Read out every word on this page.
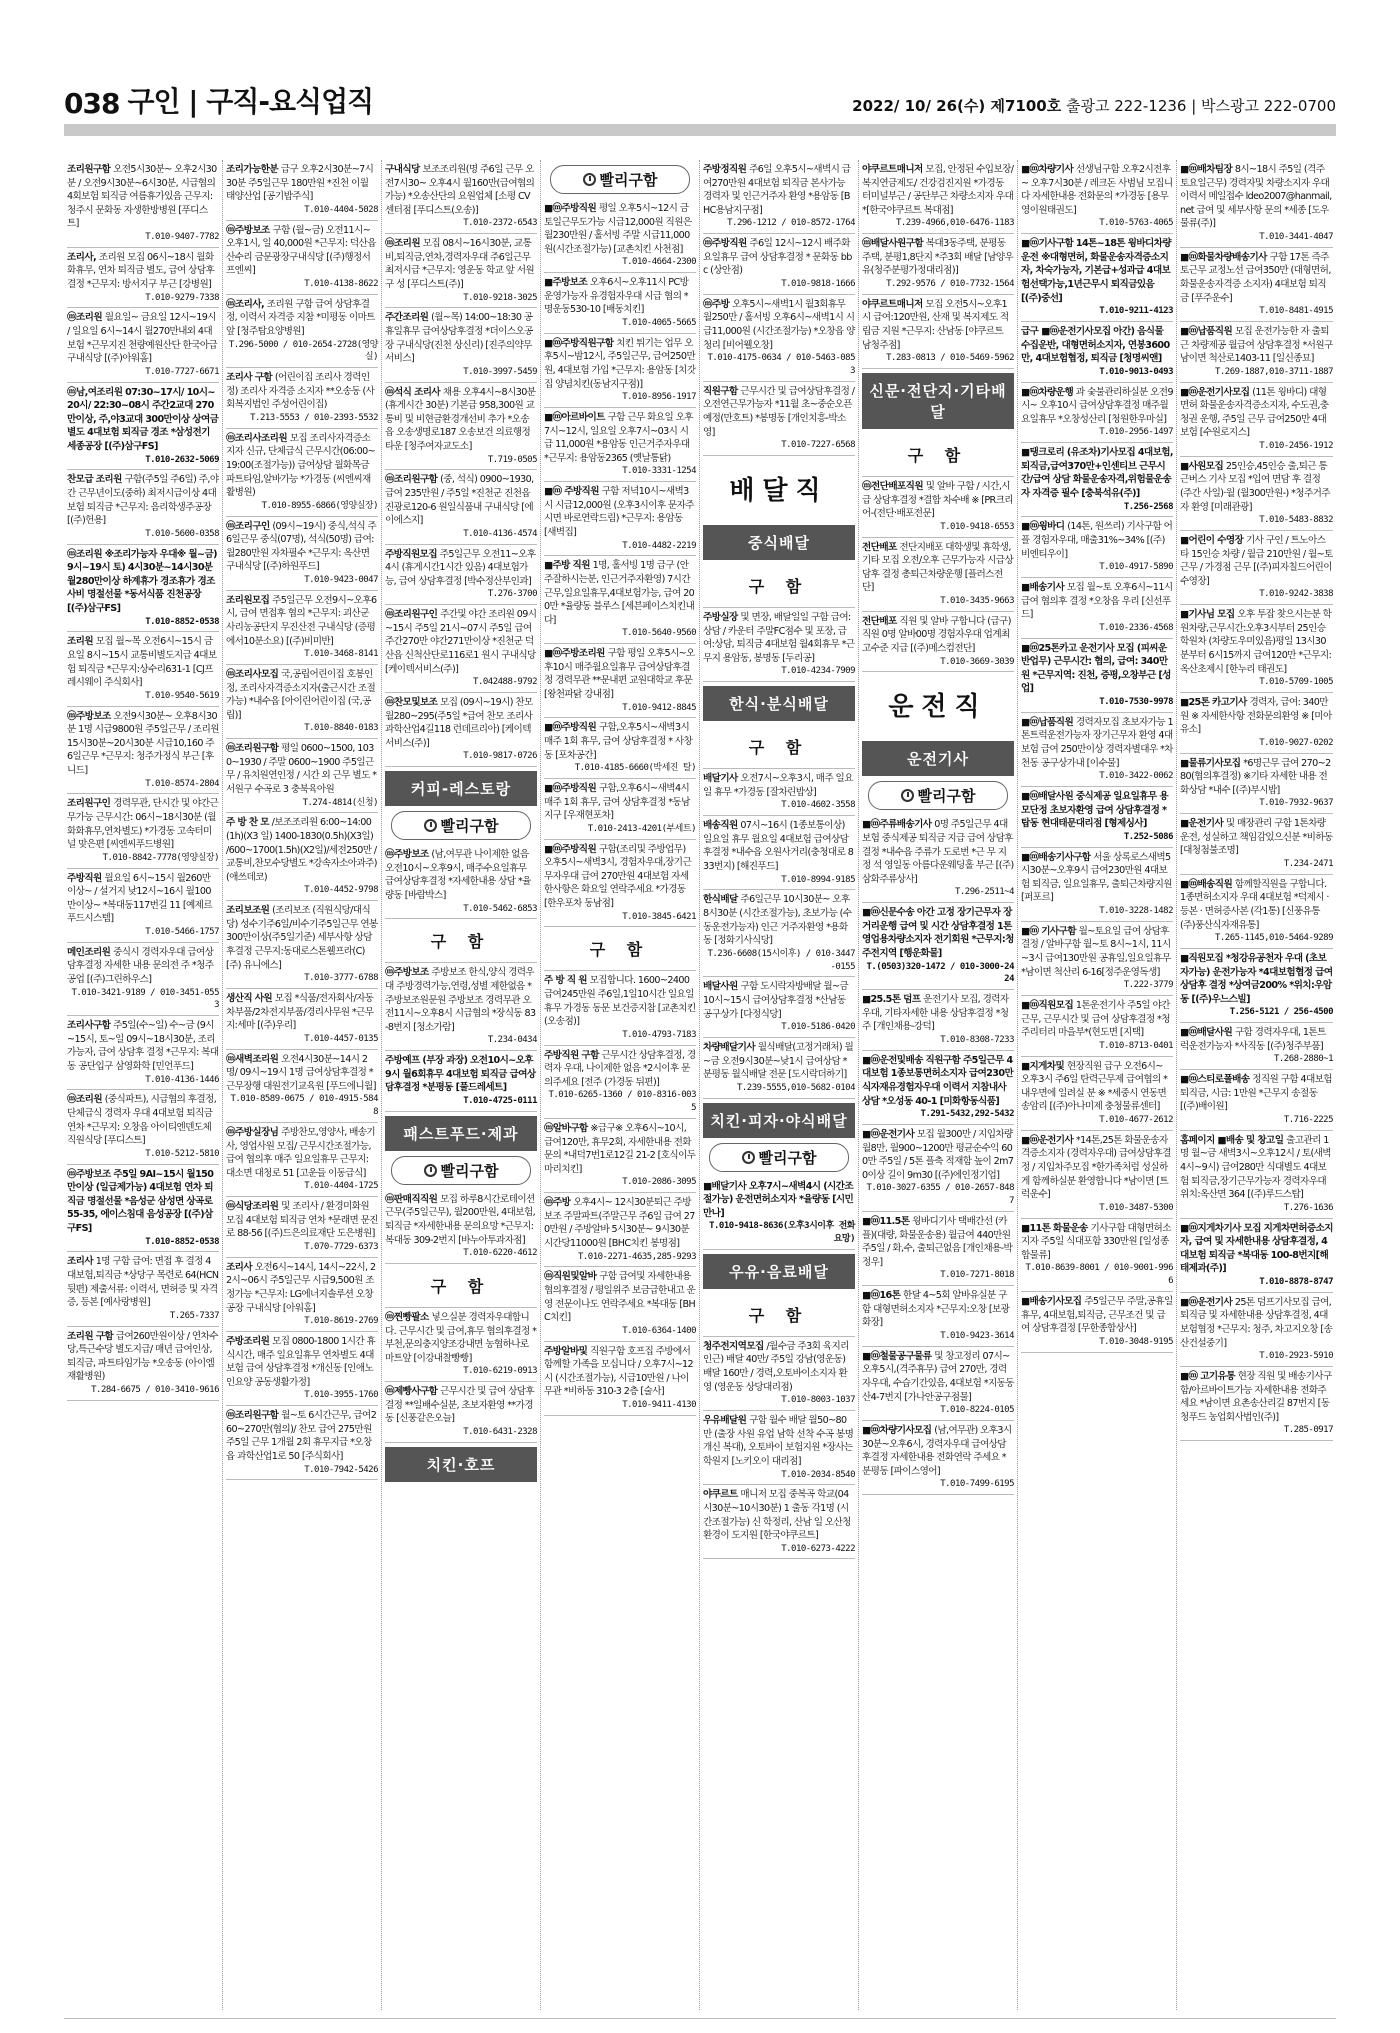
038 구인 | 구직-요식업직	2022/ 10/ 26(수) 제7100호 출광고 222-1236 | 박스광고 222-0700
조리원구함 오전5시30분~ 오후2시30분 / 오전9시30분~6시30분, 시급협의 4회보험 퇴직금 여름휴가있음 근무지: 청주시 문화동 자생한방병원 [푸디스트]
T.010-9407-7782
조리사, 조리원 모집 06시~18시 월화화휴무, 연차 퇴직금 별도, 급여 상담후 결정 *근무지: 방서지구 부근 [강병원]
T.010-9279-7338
ⓜ조리원 월요일~ 금요일 12시~19시 / 일요일 6시~14시 월270만내외 4대보험 *근무지진 천량예원산단 한국아급 구내식당 [(주)아워홈]
T.010-7727-6671
ⓜ남,여조리원 07:30~17시/ 10시~20시/ 22:30~08시 주간2교대 270만이상, 주,야3교대 300만이상 상여금별도 4대보험 퇴직금 경조 *삼성전기 세종공장 [(주)삼구FS]
T.010-2632-5069
찬모급 조리원 구함(주5일 주6일) 주,야간 근무년이도(중하) 최저시급이상 4대보험 퇴직금 *근무지: 음리학생주공장 [(주)헌용]
T.010-5600-0358
ⓜ조리원 ※조리가능자 우대※ 월~금) 9시~19시 토) 4시30분~14시30분 월280만이상 하계휴가 경조휴가 경조사비 명절선물 *동서식품 진천공장 [(주)삼구FS]
T.010-8852-0538
조리원 모집 월~목 오전6시~15시 금요일 8시~15시 교통비별도지급 4대보험 퇴직금 *근무지:상수리631-1 [CJ프레시웨이 주식회사]
T.010-9540-5619
ⓜ주방보조 오전9시30분~ 오후8시30분 1명 시급9800원 주5일근무 / 조리원15시30분~20시30분 시급10,160 주6일근무 *근무지: 청주가정식 부근 [후니드]
T.010-8574-2804
조리원구인 경력무관, 단시간 및 야간근무가능 근무시간: 06시~18시30분 (월화화휴무,연차별도) *가경동 고속터미널 맞은편 [씨엔씨푸드병원]
T.010-8842-7778(영양실장)
주방직원 월요일 6시~15시 월260만이상~ / 설거지 낮12시~16시 월100만이상~ *복대동117번길 11 [예제르 푸드시스템]
T.010-5466-1757
메인조리원 중식시 경력자우대 급여상담후결정 자세한 내용 문의전 주 *청주공업 [(주)그린하우스]
T.010-3421-9189 / 010-3451-0553
조리사구함 주5일(수~일) 수~금 (9시~15시, 토~일 09시~18시30분, 조리가능자, 급여 상담후 결정 *근무지: 복대동 공단입구 삼영화학 [민언푸드]
T.010-4136-1446
ⓜ조리원 (중식파트), 시급협의 후결정, 단체급식 경력자 우대 4대보험 퇴직금 연차 *근무지: 오창읍 아이티엔덴도체 직원식당 [푸디스트]
T.010-5212-5810
ⓜ주방보조 주5일 9AI~15시 월150만이상 (일급제가능) 4대보험 연차 퇴직금 명절선물 *음성군 삼성면 상곡로 55-35, 에이스침대 음성공장 [(주)삼구FS]
T.010-8852-0538
조리사 1명 구함 급여: 면접 후 결정 4대보험,퇴직금 *상당구 목련로 64(HCN 뒷편) 제출서류: 이력서, 면허증 및 자격증, 등본 [예사랑병원]
T.265-7337
조리원 구함 급여260만원이상 / 연차수당,특근수당 별도지급/ 매년 급여인상, 퇴직금, 파트타임가능 *오송동 (아이엠재활병원)
T.284-6675 / 010-3410-9616
조리가능한분 급구 오후2시30분~7시30분 주5일근무 180만원 *진천 이월 태양산업 [공기밥주식]
T.010-4404-5028
ⓜ주방보조 구함 (월~금) 오전11시~오후1시, 일 40,000원 *근무지: 덕산읍 산수리 금문광장구내식당 [(주)행정서프엔씨]
T.010-4138-8622
ⓜ조리사, 조리원 구함 급여 상담후결정, 이력서 자격증 지참 *미평동 이마트 앞 [청주탑요양병원]
T.296-5000 / 010-2654-2728(영양실)
조리사 구함 (어린이집 조리사 경력인정) 조리사 자격증 소지자 **오송동 (사회복지법인 주성어린이집)
T.213-5553 / 010-2393-5532
ⓜ조리사조리원 모집 조리사자격증소지자 신규, 단체급식 근무시간(06:00~19:00(조절가능)) 급여상담 월화목금 파트타임,알바가능 *가경동 (씨엔씨재활병원)
T.010-8955-6866(영양실장)
ⓜ조리구인 (09시~19시) 중식,석식 주6일근무 중식(07명), 석식(50명) 급여: 월280만원 자차필수 *근무지: 옥산면 구내식당 [(주)하원푸드]
T.010-9423-0047
조리원모집 주5일근무 오전9시~오후6시, 급여 면접후 협의 *근무지: 괴산군 사리농공단지 무진산전 구내식당 (증평에서10분소요) [(주)비미반]
T.010-3468-8141
ⓜ조리사모집 국,공립어린이집 호봉인정, 조리사자격증소지자(출근시간 조절가능) *내수읍 [아이린어린이집 (국,공립)]
T.010-8840-0183
ⓜ조리원구함 평일 0600~1500, 1030~1930 / 주말 0600~1900 주5일근무 / 유치원연인정 / 시간 외 근무 별도 *서원구 수곡로 3 충북육아원
T.274-4814(신청)
주 방 찬 모 /보조조리원 6:00~14:00(1h)(X3 일) 1400-1830(0.5h)(X3일) /600~1700(1.5h)(X2일)/세전250만 /교통비,찬모수당별도 *강속자소아과주)(애쓰데코)
T.010-4452-9798
조리보조원 (조리보조 (직원식당/대식당) 성수기주6일/비수기주5일근무 연봉300만이상(주5일기준) 세부사항 상담후결정 근무지:동대로스톤웰프라(C) [주) 유니에스]
T.010-3777-6788
생산직 사원 모집 *식품/전자회사/자동차부품/2차전지부품/경리사무원 *근무지:세마 [(주)우리]
T.010-4457-0135
ⓜ새벽조리원 오전4시30분~14시 2명/ 09시~19시 1명 급여상담후결정 *근무장행 대원전기교육원 [푸드에니월]
T.010-8589-0675 / 010-4915-5848
ⓜ주방실장님 주방찬모,영양사, 배송기사, 영업사원 모집/ 근무시간조절가능, 급여 협의후 매주 일요일휴무 근무지: 대소면 대청로 51 [고운들 이동급식]
T.010-4404-1725
ⓜ식당조리원 및 조리사 / 환경미화원 모집 4대보험 퇴직금 연차 *문래면 문진로 88-56 [(주)드은의료재단 도은병원]
T.070-7729-6373
조리사 오전6시~14시, 14시~22시, 22시~06시 주5일근무 시급9,500원 조정가능 *근무지: LG에너지솔루션 오창공장 구내식당 [아워홈]
T.010-8619-2769
주방조리원 모집 0800-1800 1시간 휴식시간, 매주 일요일휴무 연차별도 4대보험 급여 상담후결정 *개신동 [인애노인요양 공동생활가정]
T.010-3955-1760
ⓜ조리원구함 월~토 6시간근무, 급여260~270만(협의)/ 찬모 급여 275만원 주5일 근무 1개월 2회 휴무지급 *오창읍 과학산업1로 50 [주식회사]
T.010-7942-5426
구내식당 보조조리원(명 주6일 근무 오전7시30~ 오후4시 월160만(급여협의가능) *오송산단의 요원업체 [소평 CV센터점 [푸디스트(오송)]
T.010-2372-6543
ⓜ조리원 모집 08시~16시30분, 교통비,퇴직금,연차,경력자우대 주6일근무 최저시급 *근무지: 영운동 학교 앞 서원구 성 [푸디스트(주)]
T.010-9218-3025
주간조리원 (월~목) 14:00~18:30 공휴일휴무 급여상담후결정 *더이스오공장 구내식당(진천 상신리) [진주의약무서비스]
T.010-3997-5459
ⓜ석식 조리사 채용 오후4시~8시30분(휴게시간 30분) 기본급 958,300원 교통비 및 비현금환경개선비 추가 *오송읍 오송생명로187 오송보건 의료행정타운 [청주여자교도소]
T.719-0505
ⓜ조리원구함 (중, 석식) 0900~1930, 급여 235만원 / 주5일 *진천군 진천읍 진광로120-6 원일식품내 구내식당 [에이에스지]
T.010-4136-4574
주방직원모집 주5일근무 오전11~오후4시 (휴게시간1시간 있음) 4대보험가능, 급여 상담후결정 [박수정산부인과]
T.276-3700
ⓜ조리원구인 주간및 야간 조리원 09시~15시 주5일 21시~07시 주5일 급여 주간270만 야간271만이상 *진천군 덕산읍 신척산단로116로1 원시 구내식당 [케이텍서비스(주)]
T.042488-9792
ⓜ찬모및보조 모집 (09시~19시) 찬모 월280~295(주5일 *급여 찬모 조리사 과학산업4길118 런데르리아) [케이텍서비스(주)]
T.010-9817-0726
커피-레스토랑
빨리구함
ⓜ주방보조 (남,여무관 나이제한 없음 오전10시~오후9시, 매주수요일휴무 급여상담후결정 *자세한내용 상담 *율량동 [바람박스]
T.010-5462-6853
구 함
ⓜ주방보조 주방보조 한식,양식 경력우대 주방경력가능,연령,성별 제한없음 *주방보조원문원 주방보조 경력무관 오전11시~오후8시 시급협의 *장식동 83-8번지 [청소가람]
T.234-0434
주방예프 (부장 과장) 오전10시~오후9시 월6회휴무 4대보험 퇴직금 급여상담후결정 *분평동 [풀드레세트]
T.010-4725-0111
패스트푸드·제과
빨리구함
ⓜ판매직직원 모집 하루8시간로테이션근무(주5일근무), 월200만원, 4대보험, 퇴직금 *자세한내용 문의요망 *근무지: 복대동 309-2번지 [바누아투과자점]
T.010-6220-4612
구 함
ⓜ찐빵팔소 넣으실분 경력자우대합니다. 근무시간 및 급여,휴무 협의후결정 *부천,문의충지양조강내면 농협하나로마트앞 [이강내찰빵빵]
T.010-6219-0913
ⓜ제빵사구함 근무시간 및 급여 상담후 결정 **일배수실분, 초보자환영 **가경동 [신풍같은오늘]
T.010-6431-2328
치킨·호프
빨리구함
■ⓜ주방직원 평일 오후5시~12시 금토일근무도가능 시급12,000원 직원은 월230만원 / 홀서빙 주말 시급11,000원(시간조절가능) [교촌치킨 사천점]
T.010-4664-2300
■주방보조 오후6시~오후11시 PC방운영가능자 유경험자우대 시급 협의 *명운동530-10 [배동치킨]
T.010-4065-5665
■ⓜ주방직원구함 치킨 튀기는 업무 오후5시~밤12시, 주5일근무, 급여250만원, 4대보험 가입 *근무지: 용암동 [치갓집 양념치킨(동남지구점)]
T.010-8956-1917
■ⓜ아르바이트 구함 근무 화요일 오후7시~12시, 일요일 오후7시~03시 시급 11,000원 *용암동 인근거주자우대 *근무지: 용암동2365 (옛날통닭)
T.010-3331-1254
■ⓜ 주방직원 구함 저녁10시~새벽3시 시급12,000원 (오후3시이후 문자주시면 바로연락드림) *근무지: 용암동 [새벽집]
T.010-4482-2219
■주방 직원 1명, 홀서빙 1명 급구 (안주잘하시는분, 인근거주자환영) 7시간 근무,일요일휴무,4대보험가능, 급여 200만 *율량동 블루스 [세븐페이스치킨내다]
T.010-5640-9560
■ⓜ주방조리원 구함 평일 오후5시~오후10시 매주월요일휴무 급여상담후결정 경력무관 **문내편 교원대학교 후문 [왕천파닭 강내점]
T.010-9412-8845
■ⓜ주방직원 구함,오후5시~새벽3시 매주 1회 휴무, 급여 상담후결정 * 사창동 [포차공간]
T.010-4185-6660(박세진 탈)
■ⓜ주방직원 구함,오후6시~새벽4시 매주 1회 휴무, 급여 상담후결정 *동남지구 [우재현포차]
T.010-2413-4201(부세트)
■ⓜ주방직원 구함(조리및 주방업무) 오후5시~새벽3시, 경험자우대,장기근무자우대 급여 270만원 4대보험 자세한사항은 화요일 연락주세요 *가경동 [한우포차 동남점]
T.010-3845-6421
구 함
주 방 직 원 모집합니다. 1600~2400 급여245만원 주6일,1일10시간 일요일휴무 가경동 동문 보건증지참 [교촌치킨(오송점)]
T.010-4793-7183
주방직원 구함 근무시간 상담후결정, 경력자 우대, 나이제한 없음 *2시이후 문의주세요 [전주 (가경동 뒤편)]
T.010-6265-1360 / 010-8316-0035
ⓜ알바구함 ※급구※ 오후6시~10시, 급여120만, 휴무2회, 자세한내용 전화문의 *내덕7번1로12길 21-2 [호식이두마리치킨]
T.010-2086-3095
ⓜ주방 오후4시~ 12시30분퇴근 주방보조 주말파트(주말근무 주6일 급여 270만원 / 주방알바 5시30분~ 9시30분 시간당11000원 [BHC치킨 봉명점]
T.010-2271-4635,285-9293
ⓜ직원및알바 구함 급여및 자세한내용 협의후결정 / 평일위주 보금급한내고 운영 전문이나도 연락주세요 *복대동 [BHC치킨]
T.010-6364-1400
주방알바및 직원구함 호프집 주방에서 함께할 가족을 모십니다 / 오후7시~12시 (시간조절가능), 시급10만원 / 나이무관 *비하동 310-3 2층 [술사]
T.010-9411-4130
주방정직원 주6일 오후5시~새벽시 급여270만원 4대보험 퇴직금 본사가능 경력자 및 인근거주자 환영 *용암동 [BHC용남지구점]
T.296-1212 / 010-8572-1764
ⓜ주방직원 주6일 12시~12시 배주화요일휴무 급여 상담후결정 * 문화동 bbc (상안점)
T.010-9818-1666
ⓜ주방 오후5시~새벽1시 월3회휴무 월250만 / 홀서빙 오후6시~새벽1시 시급11,000원 (시간조절가능) *오창읍 양청리 [비어웰오창]
T.010-4175-0634 / 010-5463-0853
직원구함 근무시간 및 급여상담후결정 /오전연근무가능자 *11월 초~중순오픈예정(만호트) *봉명동 [개인치흥-박소영]
T.010-7227-6568
배달직
중식배달
구 함
주방실장 및 면장, 배달일일 구함 급여:상담 / 카운터 주말FC점수 및 포장, 급여:상담, 퇴직금 4대보험 월4회휴무 *근무지 용암동, 봉명동 [두리공]
T.010-4234-7909
한식·분식배달
구 함
배달기사 오전7시~오후3시, 매주 일요일 휴무 *가경동 [잘차린밥상]
T.010-4602-3558
배송직원 07시~16시 (1종보통이상) 일요일 휴무 월요일 4대보험 급여상담후결정 *내수읍 오원사거리(충청대로 833번지) [해진푸드]
T.010-8994-9185
한식배달 주6일근무 10시30분~ 오후8시30분 (시간조절가능), 초보가능 (수동운전가능자) 인근 거주자환영 *용화동 [정화기사식당]
T.236-6608(15시이후) / 010-3447-0155
배달사원 구함 도시락자방배달 월~금 10시~15시 급여상담후결정 *산남동 공구상가 [다정식당]
T.010-5186-0420
차량배달기사 월식배달(고정거래처) 월~금 오전9시30분~낮1시 급여상담 *분평동 월식배달 전문 [도시락더하기]
T.239-5555,010-5682-0104
치킨·피자·야식배달
빨리구함
■배달기사 오후7시~새벽4시 (시간조절가능) 운전면허소지자 *율량동 [시민만나]
T.010-9418-8636(오후3시이후 전화요망)
우유·음료배달
구 함
청주전지역모집 /월수금 주3회 육지리인근) 배달 40만/ 주5일 강남(영운동) 배달 160만 / 경력,오토바이소지자 환영 (영운동 상당대리점)
T.010-8003-1037
우유배달원 구함 월수 배달 월50~80만 (출장 사원 유업 남학 선착 수곡 봉명 개신 복대), 오토바이 보험지원 *장사는 학원지 [노키오이 대리점]
T.010-2034-8540
야쿠르트 매니저 모집 중복곡 학교(04시30분~10시30분) 1 출동 각1명 (시간조절가능) 신 학정리, 산남 일 오산청 환경이 도지원 [한국야쿠르트]
T.010-6273-4222
야쿠르트매니저 모집, 안정된 수입보장/ 복지연금제도/ 건강검진지원 *가경동 터미널부근 / 공단부근 차량소지자 우대*[한국야쿠르트 복대점]
T.239-4966,010-6476-1183
ⓜ배달사원구함 복대3동주택, 분평동주택, 분평1,8단지 *주3회 배달 [남양우유(청주분평가정대리점)]
T.292-9576 / 010-7732-1564
야쿠르트매니저 모집 오전5시~오후1시 급여:120만원, 산재 및 복지제도 적립금 지원 *근무지: 산남동 [야쿠르트 남청주점]
T.283-0813 / 010-5469-5962
신문·전단지·기타배달
구 함
ⓜ전단배포직원 및 알바 구함 / 시간,시급 상담후결정 *결합 차수배 ※ [PR크리어-(전단·배포전문]
T.010-9418-6553
전단배포 전단지배포 대학생및 휴학생, 기타 모집 오전/오후 근무가능자 시급상담후 결정 총퇴근차량운행 [플러스전단]
T.010-3435-9663
전단배포 직원 및 알바 구합니다 (급구) 직원 0명 알바00명 경험자우대 업계최고수준 지급 [(주)메스컴전단]
T.010-3669-3039
운전직
운전기사
빨리구함
■ⓜ주류배송기사 0명 주5일근무 4대보험 중식제공 퇴직금 지급 급여 상담후결정 *내수읍 주류가 도로번 *근 무 지정 석 영일동 아름다운웨딩홀 부근 [(주)삼화주류상사]
T.296-2511~4
■ⓜ신문수송 아간 고정 장기근무자 장거리운행 급여 및 시간 상담후결정 1톤 영업용차량소지자 전기회원 *근무지:청주전지역 [행운화물]
T.(0503)320-1472 / 010-3000-2424
■25.5톤 덤프 운전기사 모집, 경력자우대, 기타자세한 내용 상담후결정 *청주 [개인채용-강덕]
T.010-8308-7233
■ⓜ운전및배송 직원구함 주5일근무 4대보험 1종보통면허소지자 급여230만 식자재유경험자우대 이력서 지참내사 상담 *오성동 40-1 [미화항동식품]
T.291-5432,292-5432
■ⓜ운전기사 모집 월300만 / 지입차량 월8만, 월900~1200만 평균순수익 600만 주5일 / 5톤 플축 적재함 높이 2m70이상 길이 9m30 [(주)에인정기업]
T.010-3027-6355 / 010-2657-8487
■ⓜ11.5톤 윙바디기사 택배간선 (카플)(대량, 화물운송용) 월급여 440만원 주5일 / 화,수, 출퇴근없음 [개인채용-박정우]
T.010-7271-8018
■ⓜ16톤 한달 4~5회 알바유실분 구함 대형면허소지자 *근무지:오창 [보광화장]
T.010-9423-3614
■ⓜ철물공구물류 및 창고정리 07시~오후5시,(격주휴무) 급여 270만, 경력자우대, 수습기간있음, 4대보험 *지동동 산4-7번지 [가나안공구점물]
T.010-8224-0105
■ⓜ차량기사모집 (남,여무관) 오후3시30분~오후6시, 경력자우대 급여상담후결정 자세한내용 전화연락 주세요 *분평동 [파이스영어]
T.010-7499-6195
■ⓜ차량기사 선생님구함 오후2시전후~ 오후7시30분 / 레크돈 사범님 모집니다 자세한내용 전화문의 *가경동 [용무영이원태권도]
T.010-5763-4065
■ⓜ기사구함 14톤~18톤 윙바디차량운전 ※대형면허, 화물운송자격증소지자, 차숙가능자, 기본급+성과급 4대보험선택가능,1년근무시 퇴직금있음 [(주)중선]
T.010-9211-4123
급구 ■ⓜ운전기사모집 아간) 음식물 수집운반, 대형면허소지자, 연봉3600만, 4대보험협정, 퇴직금 [청명씨앤]
T.010-9013-0493
■ⓜ차량운행 과 숯불관리하실분 오전9시~ 오후10시 급여상담후결정 매주월요일휴무 *오창성산리 [청원한우마실]
T.010-2956-1497
■탱크로리 (유조차)기사모집 4대보험,퇴직금,급여370만+인센티브 근무시간/급여 상담 화물운송자격,위험물운송자 자격증 필수 [충북석유(주)]
T.256-2568
■ⓜ윙바디 (14톤, 원쓰리) 기사구함 어플 경험자우대, 매출31%~34% [(주)비엔티우이]
T.010-4917-5890
■배송기사 모집 월~토 오후6시~11시 급여 협의후 결정 *오창읍 우리 [신선푸드]
T.010-2336-4568
■ⓜ25톤카고 운전기사 모집 (피씨운반업무) 근무시간: 협의, 급여: 340만원 *근무지역: 진천, 증평,오창부근 [성업]
T.010-7530-9978
■ⓜ납품직원 경력자모집 초보자가능 1톤트럭운전가능자 장기근무자 환영 4대보험 급여 250만이상 경력자별대우 *차천동 공구상가내 [이수물]
T.010-3422-0062
■ⓜ배달사원 중식제공 일요일휴무 용모단정 초보자환영 급여 상담후결정 *탑동 현대태문대리점 [형제싱사]
T.252-5086
■ⓜ배송기사구함 서울 상록로스새벽5시30분~오후9시 급여230만원 4대보험 퇴직금, 일요일휴무, 출퇴근차량지원 [퍼포르]
T.010-3228-1482
■ⓜ 기사구함 월~토요일 급여 상담후 결정 / 알바구함 월~토 8시~1시, 11시~3시 급여130만원 공휴일,일요일휴무 *남이면 척산리 6-16[정주운영독생]
T.222-3779
■ⓜ직원모집 1톤운전기사 주5일 야간근무, 근무시간 및 급여 상담후결정 *청주리터리 마을부*(현도면 [지택]
T.010-8713-0401
■지게차및 현장직원 급구 오전6시~ 오후3시 주6일 탄력근무제 급여협의 *내우면에 일려실 분 ※ *세중시 연동면 송암리 [(주)아나미제 충청물류센터]
T.010-4677-2612
■ⓜ운전기사 *14톤,25톤 화물운송자격증소지자 (경력자우대) 급여상담후결정 / 지입차주모집 *한가족처럼 성실하게 함께하실분 환영합니다 *남이면 [트럭운수]
T.010-3487-5300
■11톤 화물운송 기사구함 대형면허소지자 주5일 식대포함 330만원 [일성종합물류]
T.010-8639-8001 / 010-9001-9966
■배송기사모집 주5일근무 주말,공휴일휴무, 4대보험,퇴직금, 근무조건 및 급여 상담후결정 [무한종합상사]
T.010-3048-9195
■ⓜ배차팀장 8시~18시 주5일 (격주 토요일근무) 경력자및 차량소지자 우대 이력서 메일접수 ldeo2007@hanmail,net 급여 및 세부사항 문의 *세종 [도우물류(주)]
T.010-3441-4047
■ⓜ화물차량배송기사 구함 17톤 즉주토근무 교정노선 급여350만 (대형면허,화물운송자격증 소지자) 4대보험 퇴직금 [푸주운수]
T.010-8481-4915
■ⓜ납품직원 모집 운전가능한 자 출퇴근 차량제공 월급여 상담후결정 *서원구 남이면 척산로1403-11 [일신종묘]
T.269-1887,010-3711-1887
■ⓜ운전기사모집 (11톤 윙바디) 대형면허 화물운송자격증소지자, 수도권,충청권 운행, 주5일 근무 급여250만 4대보험 [수원로지스]
T.010-2456-1912
■사원모집 25인승,45인승 출,퇴근 통근버스 기사 모집 *입여 면담 후 결정 (주간 사일)·월 (월300만원-) *청주거주자 환영 [미래관광]
T.010-5483-8832
■어린이 수영장 기사 구인 / 트노아스타 15인승 차량 / 월급 210만원 / 월~토 근무 / 가경점 근무 [(주)피자칠드어린이수영장]
T.010-9242-3838
■기사님 모집 오후 투잡 찾으시는분 학원차량,근무시간:오후3시부터 25인승 학원차 (차량도우미있음)평일 13시30분부터 6시15까지 급여120만 *근무지: 옥산초제시 [한누리 태권도]
T.010-5709-1005
■25톤 카고기사 경력자, 급여: 340만원 ※ 자세한사항 전화문의환영 ※ [미아유소]
T.010-9027-0202
■물류기사모집 *6명근무 급여 270~280(협의후결정) ※기타 자세한 내용 전화상담 *내수 [(주)부시밥]
T.010-7932-9637
■운전기사 및 매장관리 구함 1톤차량운전, 성실하고 책임감있으신분 *비하동 [대청첨불조명]
T.234-2471
■ⓜ배송직원 함께할직원을 구합니다. 1종면허소지자 우대 4대보험 *덕제시 · 등본 · 면허증사본 (각1통) [신풍유통(주)풍산식자재유통]
T.265-1145,010-5464-9289
■직원모집 *청강유공천자 우대 (초보자가능) 운전가능자 *4대보험협정 급여상담후 결정 *상여금200% *위치:우암동 [(주)우느스빌]
T.256-5121 / 256-4500
■ⓜ배달사원 구함 경력자우대, 1톤트럭운전가능자 *사직동 [(주)청주부품]
T.268-2880~1
■ⓜ스티로폴배송 정직원 구함 4대보험 퇴직금, 시급: 1만원 *근무지 송절동 [(주)배이원]
T.716-2225
홈페이지 ■배송 및 창고일 출고관리 1명 월~금 새벽3시~오후12시 / 토(새벽4시~9시) 급여280만 식대별도 4대보험 퇴직금,장기근무가능자 경력자우대 위치:옥산면 364 [(주)루드스탑]
T.276-1636
■ⓜ지게차기사 모집 지게차면허증소지자, 급여 및 자세한내용 상담후결정, 4대보험 퇴직금 *복대동 100-8번지[해태제과(주)]
T.010-8878-8747
■ⓜ운전기사 25톤 덤프기사모집 급여,퇴직금 및 자세한내용 상담후결정, 4대보험협정 *근무지: 청주, 차고지오창 [송산건설중기]
T.010-2923-5910
■ⓜ 고기유통 현장 직원 및 배송기사구함/아르바이트가능 자세한내용 전화주세요 *남이면 요촌송산리길 87번지 [동청푸드 농업회사법인(주)]
T.285-0917
